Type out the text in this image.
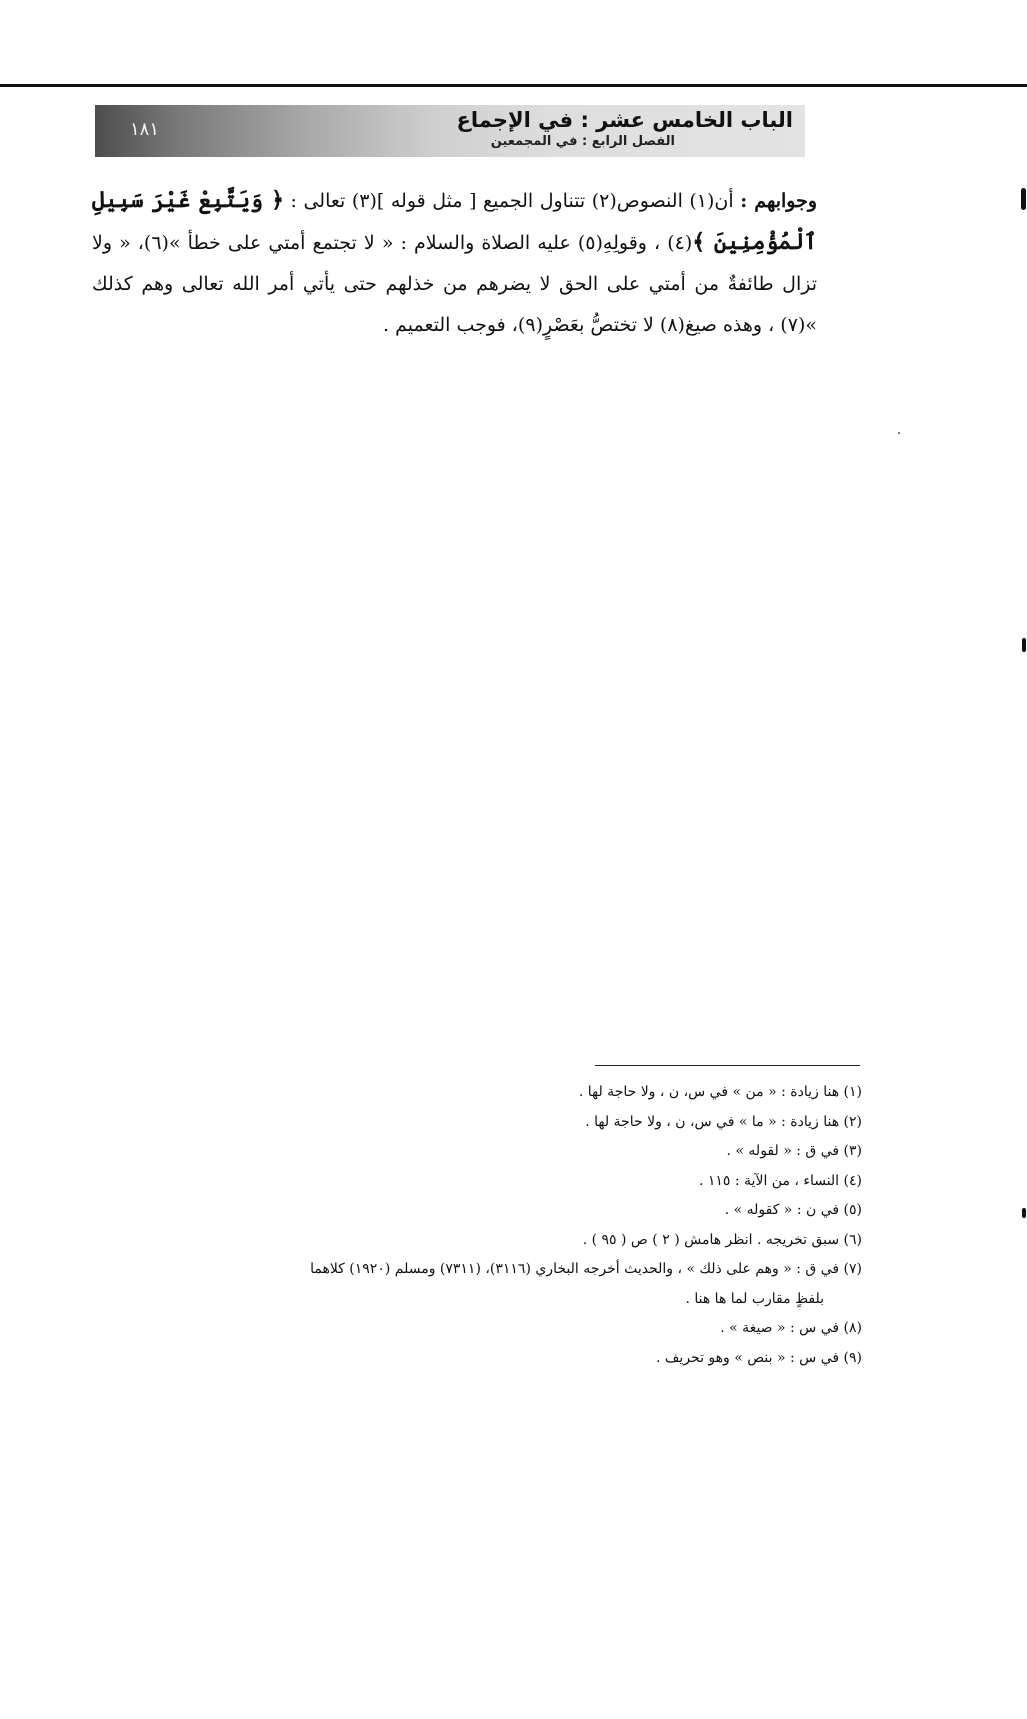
الباب الخامس عشر : في الإجماع
الفصل الرابع : في المجمعين
١٨١
وجوابهم : أن(١) النصوص(٢) تتناول الجميع [ مثل قوله ](٣) تعالى : ﴿ وَيَتَّبِعْ غَيْرَ سَبِيلِ ٱلْمُؤْمِنِينَ ﴾(٤) ، وقولِهِ(٥) عليه الصلاة والسلام : « لا تجتمع أمتي على خطأ »(٦)، « ولا تزال طائفةٌ من أمتي على الحق لا يضرهم من خذلهم حتى يأتي أمر الله تعالى وهم كذلك »(٧) ، وهذه صيغ(٨) لا تختصُّ بعَصْرٍ(٩)، فوجب التعميم .
(١) هنا زيادة : « من » في س، ن ، ولا حاجة لها .
(٢) هنا زيادة : « ما » في س، ن ، ولا حاجة لها .
(٣) في ق : « لقوله » .
(٤) النساء ، من الآية : ١١٥ .
(٥) في ن : « كقوله » .
(٦) سبق تخريجه . انظر هامش ( ٢ ) ص ( ٩٥ ) .
(٧) في ق : « وهم على ذلك » ، والحديث أخرجه البخاري (٣١١٦)، (٧٣١١) ومسلم (١٩٢٠) كلاهما
بلفظٍ مقارب لما ها هنا .
(٨) في س : « صيغة » .
(٩) في س : « بنص » وهو تحريف .
